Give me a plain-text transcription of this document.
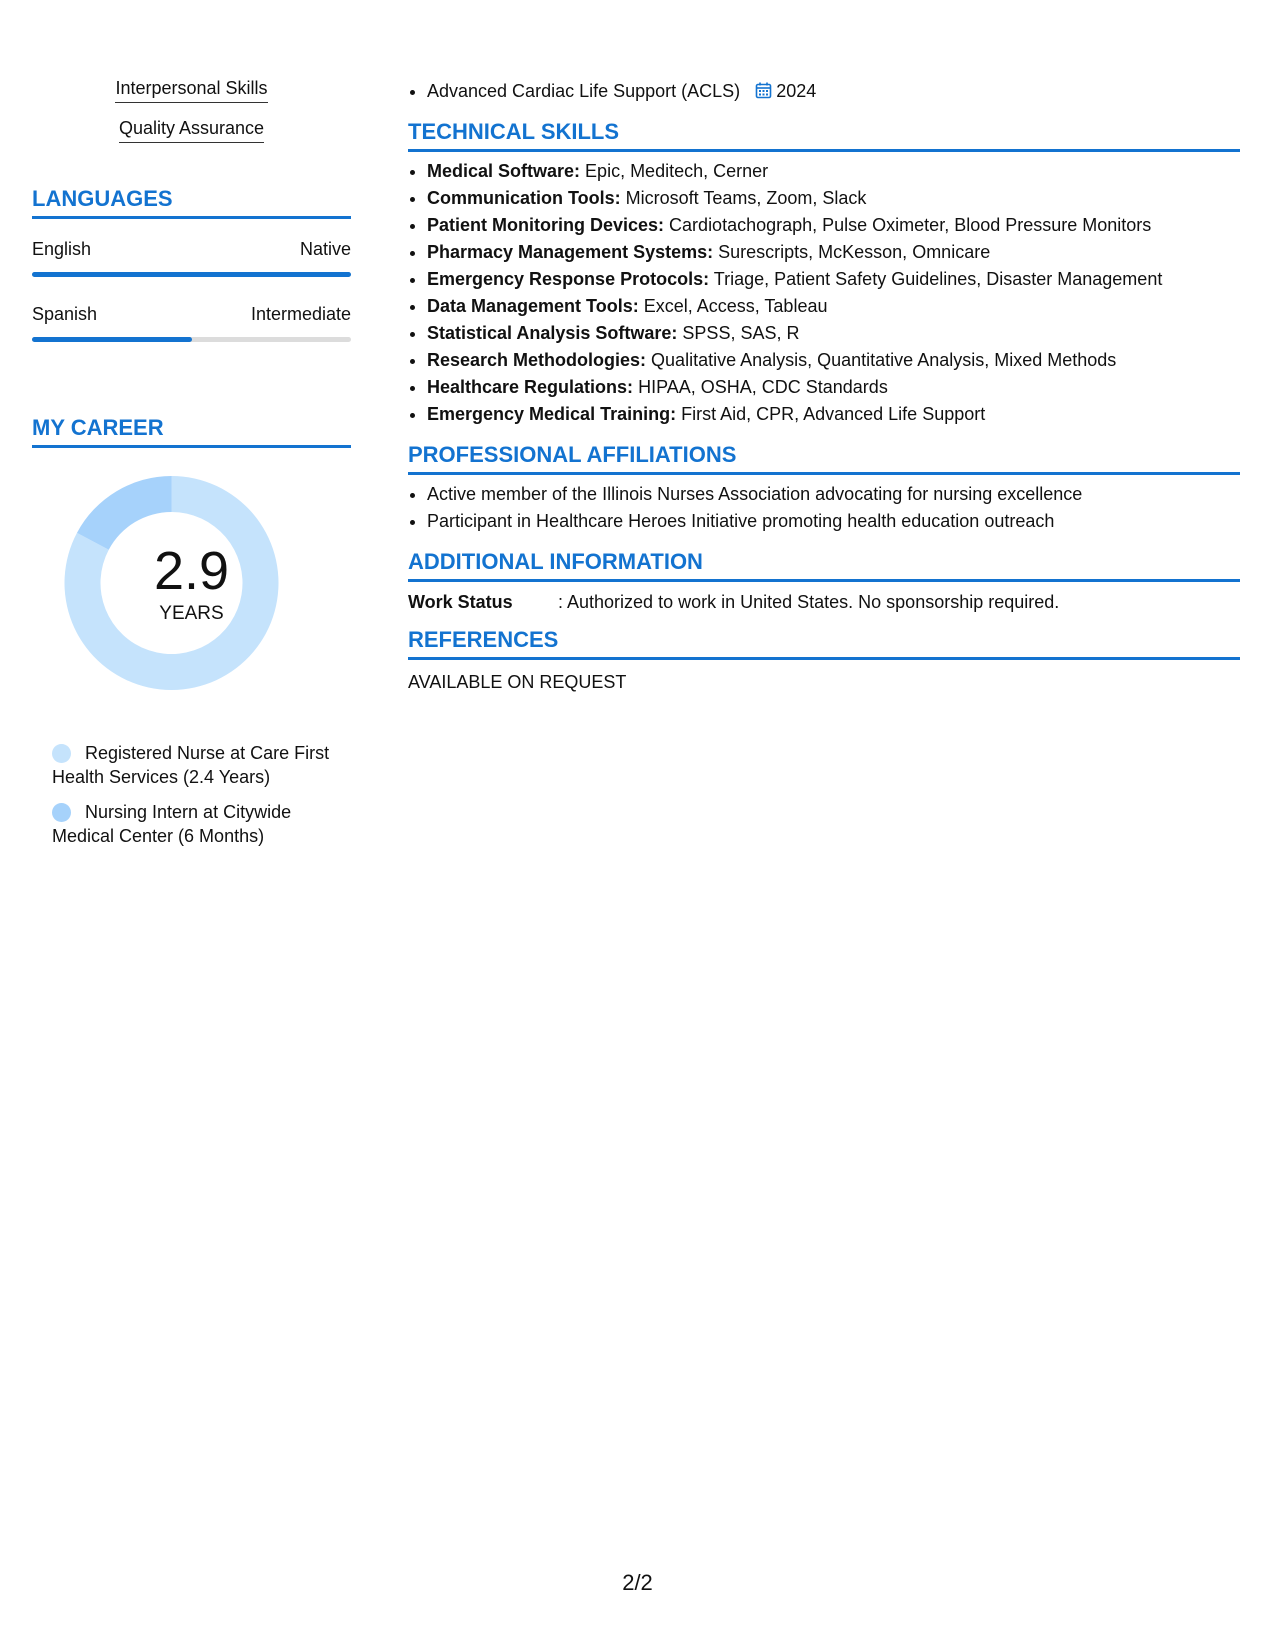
Interpersonal Skills
Quality Assurance
LANGUAGES
English	Native
Spanish	Intermediate
MY CAREER
2.9
YEARS
Registered Nurse at Care First Health Services (2.4 Years)
Nursing Intern at Citywide Medical Center (6 Months)
• Advanced Cardiac Life Support (ACLS) 2024
TECHNICAL SKILLS
• Medical Software: Epic, Meditech, Cerner
• Communication Tools: Microsoft Teams, Zoom, Slack
• Patient Monitoring Devices: Cardiotachograph, Pulse Oximeter, Blood Pressure Monitors
• Pharmacy Management Systems: Surescripts, McKesson, Omnicare
• Emergency Response Protocols: Triage, Patient Safety Guidelines, Disaster Management
• Data Management Tools: Excel, Access, Tableau
• Statistical Analysis Software: SPSS, SAS, R
• Research Methodologies: Qualitative Analysis, Quantitative Analysis, Mixed Methods
• Healthcare Regulations: HIPAA, OSHA, CDC Standards
• Emergency Medical Training: First Aid, CPR, Advanced Life Support
PROFESSIONAL AFFILIATIONS
• Active member of the Illinois Nurses Association advocating for nursing excellence
• Participant in Healthcare Heroes Initiative promoting health education outreach
ADDITIONAL INFORMATION
Work Status	: Authorized to work in United States. No sponsorship required.
REFERENCES
AVAILABLE ON REQUEST
2/2
